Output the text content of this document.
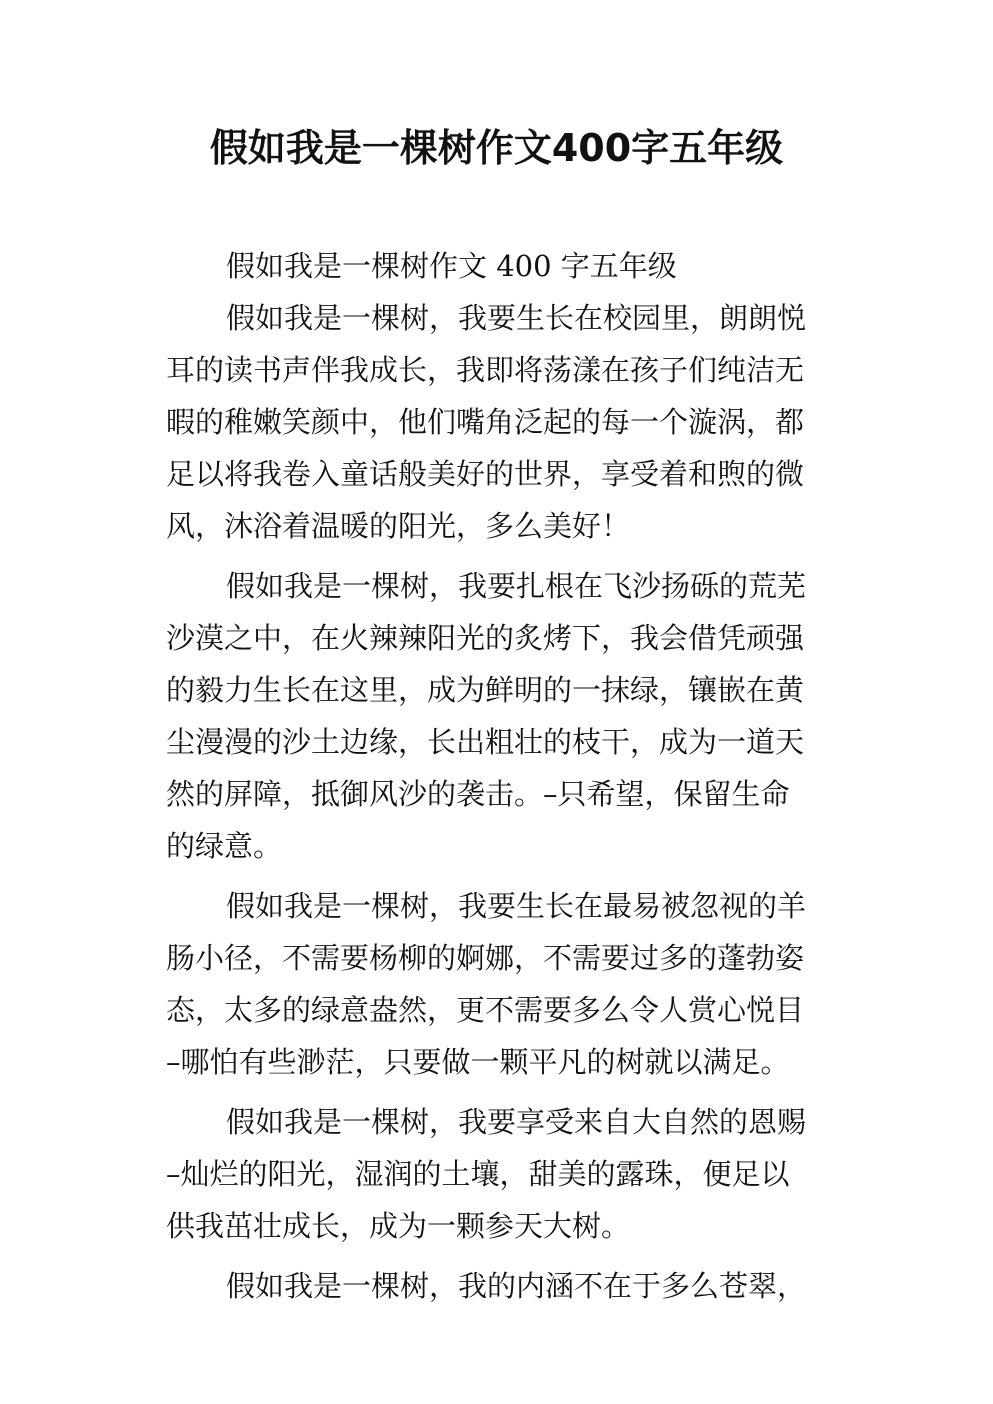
假如我是一棵树作文400字五年级
假如我是一棵树作文 400 字五年级
假如我是一棵树，我要生长在校园里，朗朗悦
耳的读书声伴我成长，我即将荡漾在孩子们纯洁无
暇的稚嫩笑颜中，他们嘴角泛起的每一个漩涡，都
足以将我卷入童话般美好的世界，享受着和煦的微
风，沐浴着温暖的阳光，多么美好！
假如我是一棵树，我要扎根在飞沙扬砾的荒芜
沙漠之中，在火辣辣阳光的炙烤下，我会借凭顽强
的毅力生长在这里，成为鲜明的一抹绿，镶嵌在黄
尘漫漫的沙土边缘，长出粗壮的枝干，成为一道天
然的屏障，抵御风沙的袭击。–只希望，保留生命
的绿意。
假如我是一棵树，我要生长在最易被忽视的羊
肠小径，不需要杨柳的婀娜，不需要过多的蓬勃姿
态，太多的绿意盎然，更不需要多么令人赏心悦目
–哪怕有些渺茫，只要做一颗平凡的树就以满足。
假如我是一棵树，我要享受来自大自然的恩赐
–灿烂的阳光，湿润的土壤，甜美的露珠，便足以
供我茁壮成长，成为一颗参天大树。
假如我是一棵树，我的内涵不在于多么苍翠，
